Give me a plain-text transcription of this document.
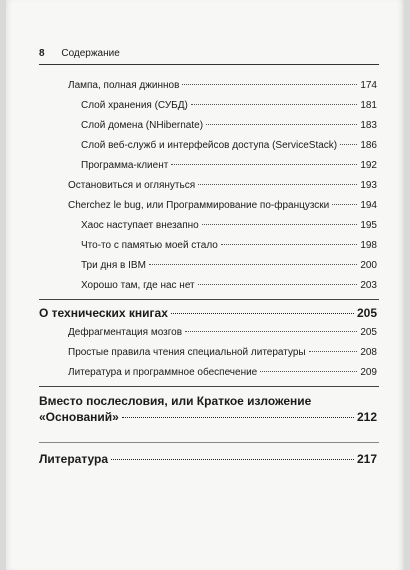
8 Содержание
Лампа, полная джиннов	174
Слой хранения (СУБД)	181
Слой домена (NHibernate)	183
Слой веб-служб и интерфейсов доступа (ServiceStack) 186
Программа-клиент	192
Остановиться и оглянуться	193
Cherchez le bug, или Программирование по-французски	194
Хаос наступает внезапно	195
Что-то с памятью моей стало	198
Три дня в IBM	200
Хорошо там, где нас нет	203
О технических книгах	205
Дефрагментация мозгов	205
Простые правила чтения специальной литературы	208
Литература и программное обеспечение	209
Вместо послесловия, или Краткое изложение
«Оснований»	212
Литература	217
